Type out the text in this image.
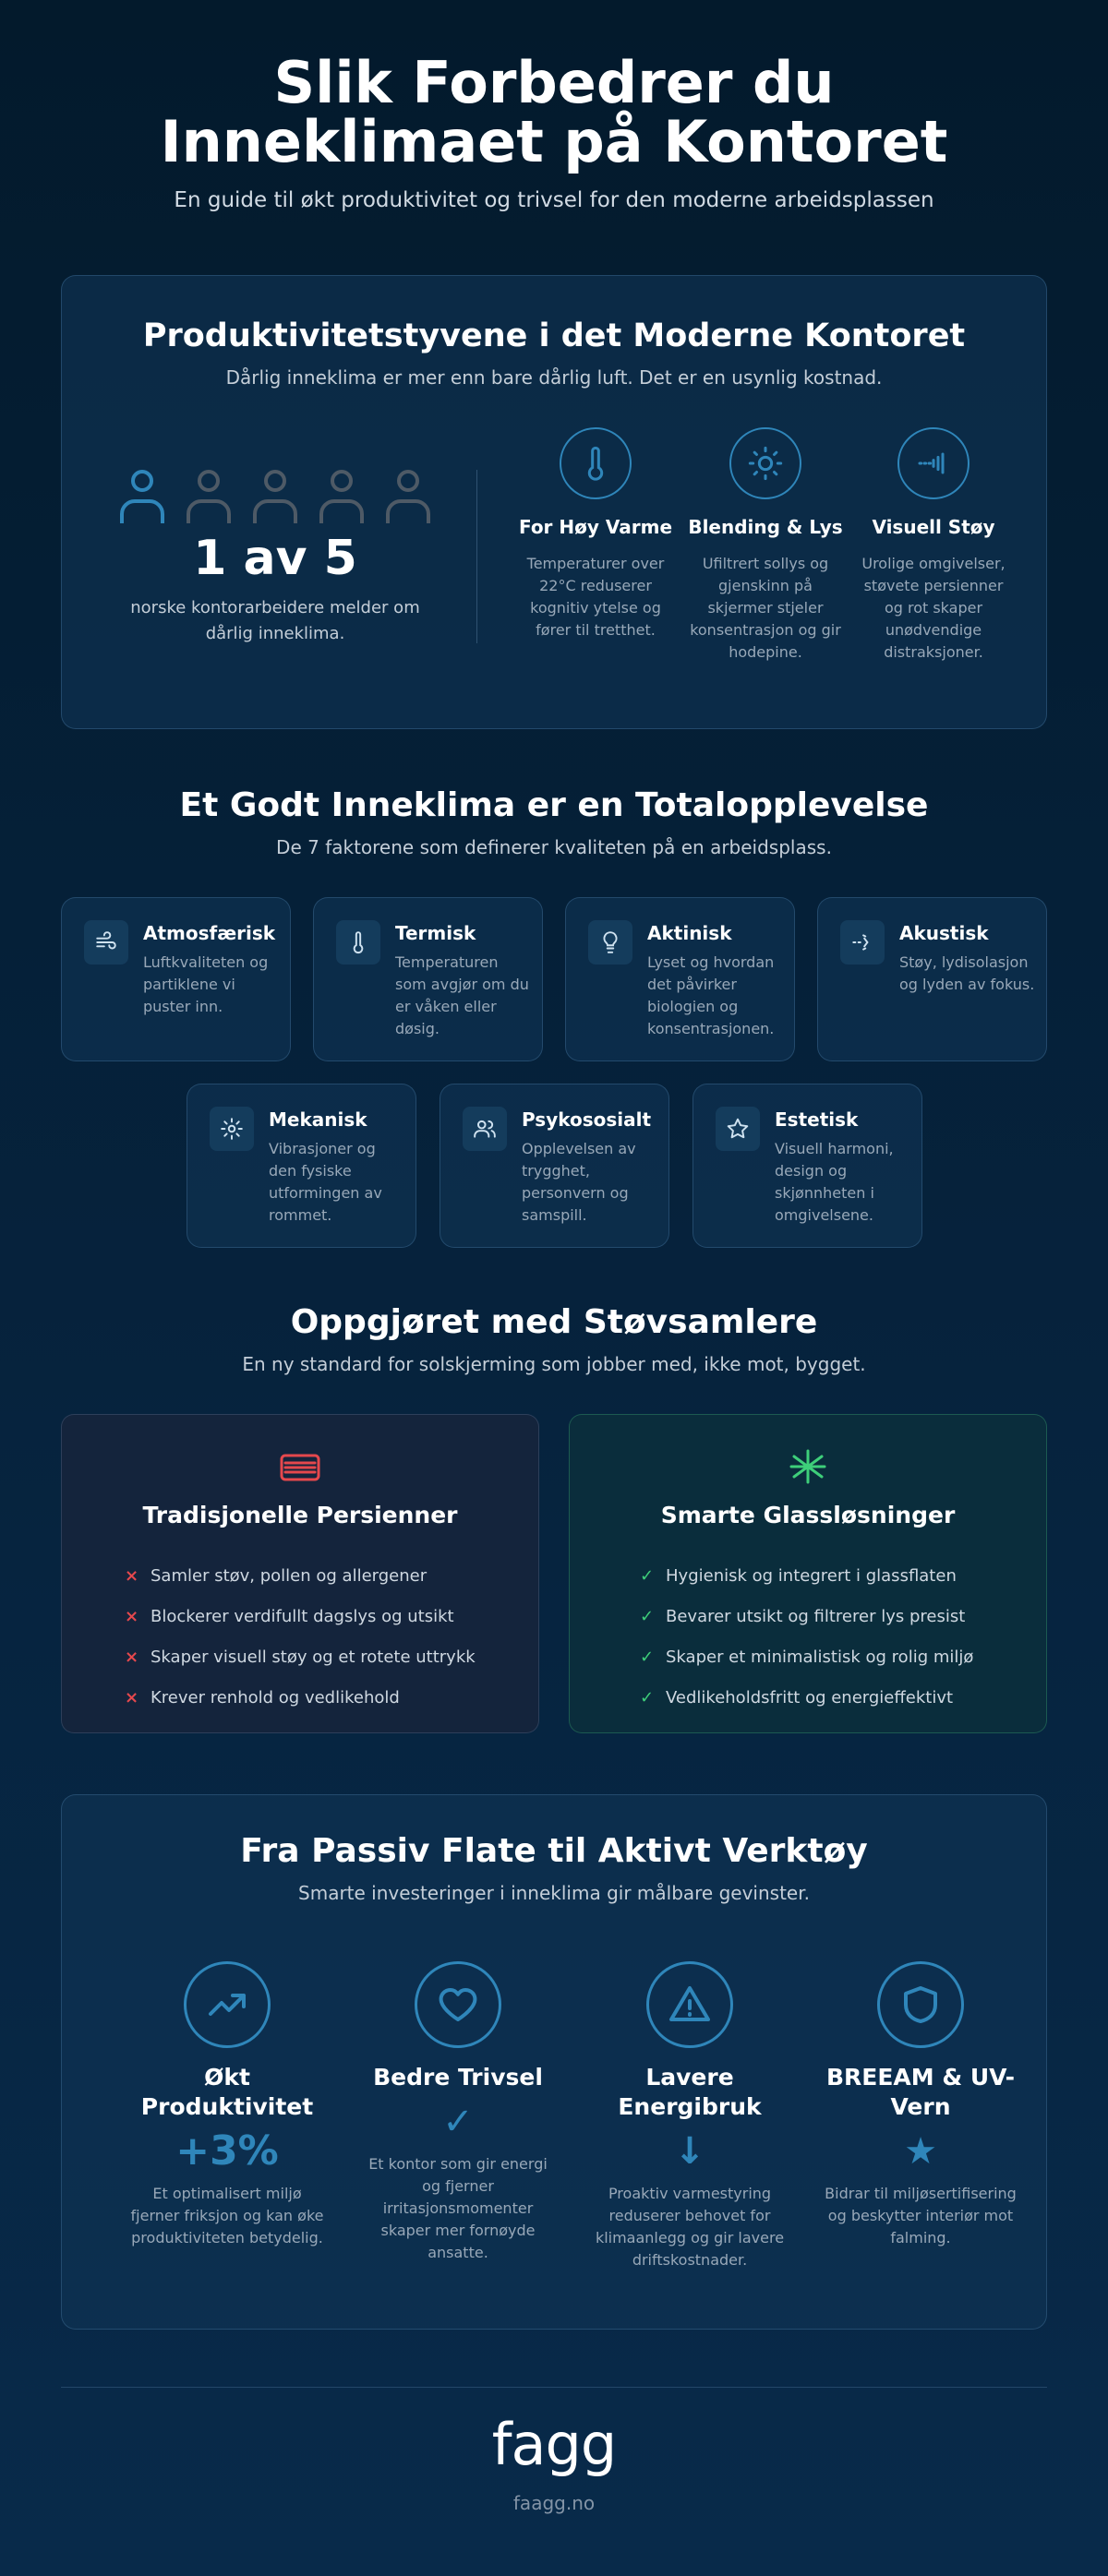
Slik Forbedrer du
Inneklimaet på Kontoret

En guide til økt produktivitet og trivsel for den moderne arbeidsplassen

Produktivitetstyvene i det Moderne Kontoret
Dårlig inneklima er mer enn bare dårlig luft. Det er en usynlig kostnad.
1 av 5
norske kontorarbeidere melder om dårlig inneklima.
For Høy Varme

Temperaturer over 22°C reduserer kognitiv ytelse og fører til tretthet.

Blending & Lys

Ufiltrert sollys og gjenskinn på skjermer stjeler konsentrasjon og gir hodepine.

Visuell Støy

Urolige omgivelser, støvete persienner og rot skaper unødvendige distraksjoner.

Et Godt Inneklima er en Totalopplevelse
De 7 faktorene som definerer kvaliteten på en arbeidsplass.
Atmosfærisk

Luftkvaliteten og partiklene vi puster inn.

Termisk

Temperaturen som avgjør om du er våken eller døsig.

Aktinisk

Lyset og hvordan det påvirker biologien og konsentrasjonen.

Akustisk

Støy, lydisolasjon og lyden av fokus.

Mekanisk

Vibrasjoner og den fysiske utformingen av rommet.

Psykososialt

Opplevelsen av trygghet, personvern og samspill.

Estetisk

Visuell harmoni, design og skjønnheten i omgivelsene.

Oppgjøret med Støvsamlere
En ny standard for solskjerming som jobber med, ikke mot, bygget.
Tradisjonelle Persienner
× Samler støv, pollen og allergener
× Blockerer verdifullt dagslys og utsikt
× Skaper visuell støy og et rotete uttrykk
× Krever renhold og vedlikehold
Smarte Glassløsninger
✓ Hygienisk og integrert i glassflaten
✓ Bevarer utsikt og filtrerer lys presist
✓ Skaper et minimalistisk og rolig miljø
✓ Vedlikeholdsfritt og energieffektivt
Fra Passiv Flate til Aktivt Verktøy
Smarte investeringer i inneklima gir målbare gevinster.
Økt Produktivitet
+3%

Et optimalisert miljø fjerner friksjon og kan øke produktiviteten betydelig.

Bedre Trivsel
✓

Et kontor som gir energi og fjerner irritasjonsmomenter skaper mer fornøyde ansatte.

Lavere Energibruk
↓

Proaktiv varmestyring reduserer behovet for klimaanlegg og gir lavere driftskostnader.

BREEAM & UV-Vern
★

Bidrar til miljøsertifisering og beskytter interiør mot falming.

fagg
faagg.no
